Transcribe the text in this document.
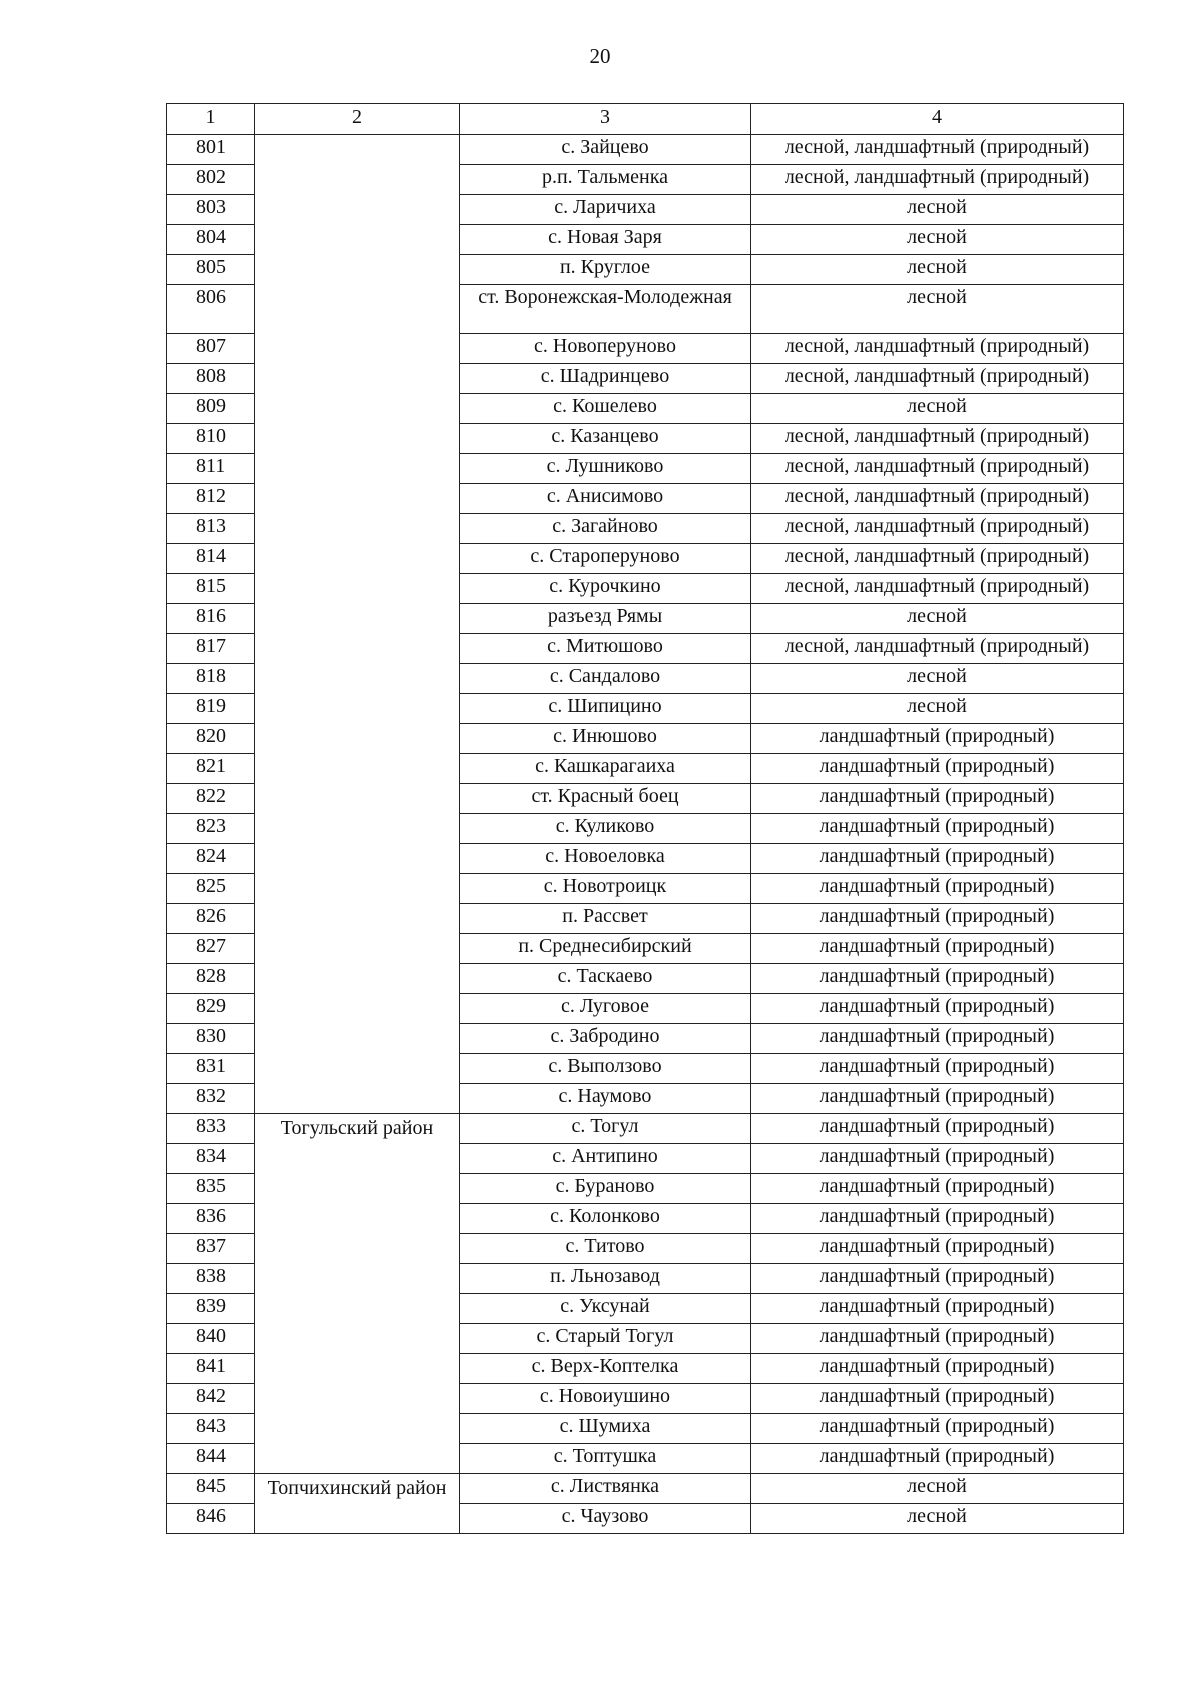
20
1	2	3	4
801		с. Зайцево	лесной, ландшафтный (природный)
802		р.п. Тальменка	лесной, ландшафтный (природный)
803		с. Ларичиха	лесной
804		с. Новая Заря	лесной
805		п. Круглое	лесной
806		ст. Воронежская-Молодежная	лесной
807		с. Новоперуново	лесной, ландшафтный (природный)
808		с. Шадринцево	лесной, ландшафтный (природный)
809		с. Кошелево	лесной
810		с. Казанцево	лесной, ландшафтный (природный)
811		с. Лушниково	лесной, ландшафтный (природный)
812		с. Анисимово	лесной, ландшафтный (природный)
813		с. Загайново	лесной, ландшафтный (природный)
814		с. Староперуново	лесной, ландшафтный (природный)
815		с. Курочкино	лесной, ландшафтный (природный)
816		разъезд Рямы	лесной
817		с. Митюшово	лесной, ландшафтный (природный)
818		с. Сандалово	лесной
819		с. Шипицино	лесной
820		с. Инюшово	ландшафтный (природный)
821		с. Кашкарагаиха	ландшафтный (природный)
822		ст. Красный боец	ландшафтный (природный)
823		с. Куликово	ландшафтный (природный)
824		с. Новоеловка	ландшафтный (природный)
825		с. Новотроицк	ландшафтный (природный)
826		п. Рассвет	ландшафтный (природный)
827		п. Среднесибирский	ландшафтный (природный)
828		с. Таскаево	ландшафтный (природный)
829		с. Луговое	ландшафтный (природный)
830		с. Забродино	ландшафтный (природный)
831		с. Выползово	ландшафтный (природный)
832		с. Наумово	ландшафтный (природный)
833	Тогульский район	с. Тогул	ландшафтный (природный)
834		с. Антипино	ландшафтный (природный)
835		с. Бураново	ландшафтный (природный)
836		с. Колонково	ландшафтный (природный)
837		с. Титово	ландшафтный (природный)
838		п. Льнозавод	ландшафтный (природный)
839		с. Уксунай	ландшафтный (природный)
840		с. Старый Тогул	ландшафтный (природный)
841		с. Верх-Коптелка	ландшафтный (природный)
842		с. Новоиушино	ландшафтный (природный)
843		с. Шумиха	ландшафтный (природный)
844		с. Топтушка	ландшафтный (природный)
845	Топчихинский район	с. Листвянка	лесной
846		с. Чаузово	лесной
